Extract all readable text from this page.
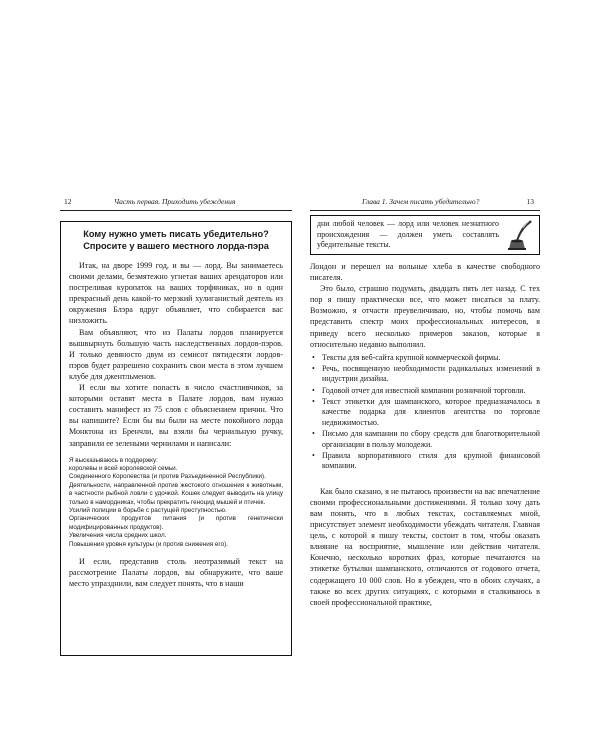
12	Часть первая. Приходить убеждения

Кому нужно уметь писать убедительно? Спросите у вашего местного лорда-пэра

Итак, на дворе 1999 год, и вы — лорд. Вы занимаетесь своими делами, безмятежно угнетая ваших арендаторов или постреливая куропаток на ваших торфяниках, но в один прекрасный день какой-то мерзкий хулиганистый деятель из окружения Блэра вдруг объявляет, что собирается вас низложить.

Вам объявляют, что из Палаты лордов планируется вышвырнуть большую часть наследственных лордов-пэров. И только девяносто двум из семисот пятидесяти лордов-пэров будет разрешено сохранить свои места в этом лучшем клубе для джентльменов.

И если вы хотите попасть в число счастливчиков, за которыми оставят места в Палате лордов, вам нужно составить манифест из 75 слов с объяснением причин. Что вы напишите? Если бы вы были на месте покойного лорда Монктона из Бренчли, вы взяли бы чернильную ручку, заправили ее зелеными чернилами и написали:

Я высказываюсь в поддержку:
королевы и всей королевской семьи.
Соединенного Королевства (и против Разъединенной Республики).
Деятельности, направленной против жестокого отношения к животным, в частности рыбной ловли с удочкой. Кошек следует выводить на улицу только в намордниках, чтобы прекратить геноцид мышей и птичек.
Усилий полиции в борьбе с растущей преступностью.
Органических продуктов питания (и против генетически модифицированных продуктов).
Увеличения числа средних школ.
Повышения уровня культуры (и против снижения его).

И если, представив столь неотразимый текст на рассмотрение Палаты лордов, вы обнаружите, что ваше место упразднили, вам следует понять, что в наши

Глава 1. Зачем писать убедительно?	13

дни любой человек — лорд или человек незнатного происхождения — должен уметь составлять убедительные тексты.

Лондон и перешел на вольные хлеба в качестве свободного писателя.

Это было, страшно подумать, двадцать пять лет назад. С тех пор я пишу практически все, что может писаться за плату. Возможно, я отчасти преувеличиваю, но, чтобы помочь вам представить спектр моих профессиональных интересов, я приведу всего несколько примеров заказов, которые я относительно недавно выполнил.

• Тексты для веб-сайта крупной коммерческой фирмы.
• Речь, посвященную необходимости радикальных изменений в индустрии дизайна.
• Годовой отчет для известной компании розничной торговли.
• Текст этикетки для шампанского, которое предназначалось в качестве подарка для клиентов агентства по торговле недвижимостью.
• Письмо для кампании по сбору средств для благотворительной организации в пользу молодежи.
• Правила корпоративного стиля для крупной финансовой компании.

Как было сказано, я не пытаюсь произвести на вас впечатление своими профессиональными достижениями. Я только хочу дать вам понять, что в любых текстах, составляемых мной, присутствует элемент необходимости убеждать читателя. Главная цель, с которой я пишу тексты, состоит в том, чтобы оказать влияние на восприятие, мышление или действия читателя. Конечно, несколько коротких фраз, которые печатаются на этикетке бутылки шампанского, отличаются от годового отчета, содержащего 10 000 слов. Но я убежден, что в обоих случаях, а также во всех других ситуациях, с которыми я сталкиваюсь в своей профессиональной практике,
